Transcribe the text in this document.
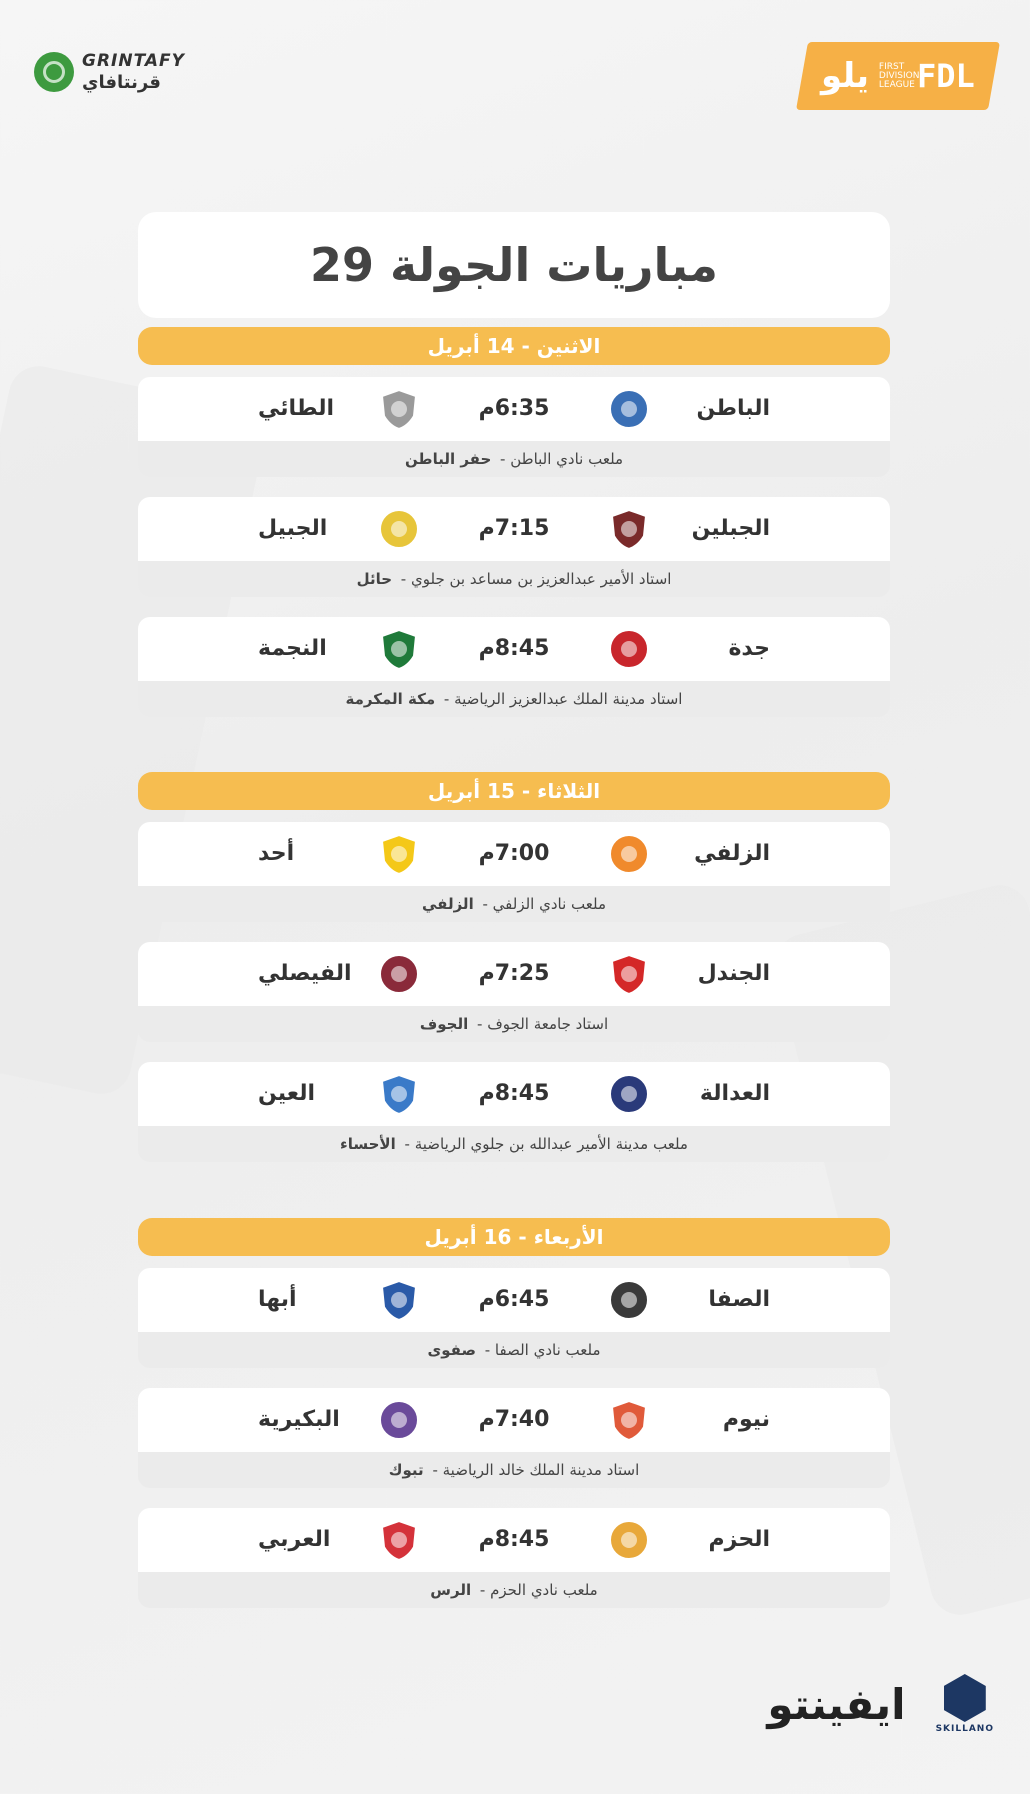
GRINTAFY
قرنتافاي	يلو FIRST DIVISION LEAGUE FDL
مباريات الجولة 29
الاثنين - 14 أبريل
الباطن
6:35م
الطائي
ملعب نادي الباطن
-
حفر الباطن
الجبلين
7:15م
الجبيل
استاد الأمير عبدالعزيز بن مساعد بن جلوي
-
حائل
جدة
8:45م
النجمة
استاد مدينة الملك عبدالعزيز الرياضية
-
مكة المكرمة
الثلاثاء - 15 أبريل
الزلفي
7:00م
أحد
ملعب نادي الزلفي
-
الزلفي
الجندل
7:25م
الفيصلي
استاد جامعة الجوف
-
الجوف
العدالة
8:45م
العين
ملعب مدينة الأمير عبدالله بن جلوي الرياضية
-
الأحساء
الأربعاء - 16 أبريل
الصفا
6:45م
أبها
ملعب نادي الصفا
-
صفوى
نيوم
7:40م
البكيرية
استاد مدينة الملك خالد الرياضية
-
تبوك
الحزم
8:45م
العربي
ملعب نادي الحزم
-
الرس
ايفينتو
SKILLANO
